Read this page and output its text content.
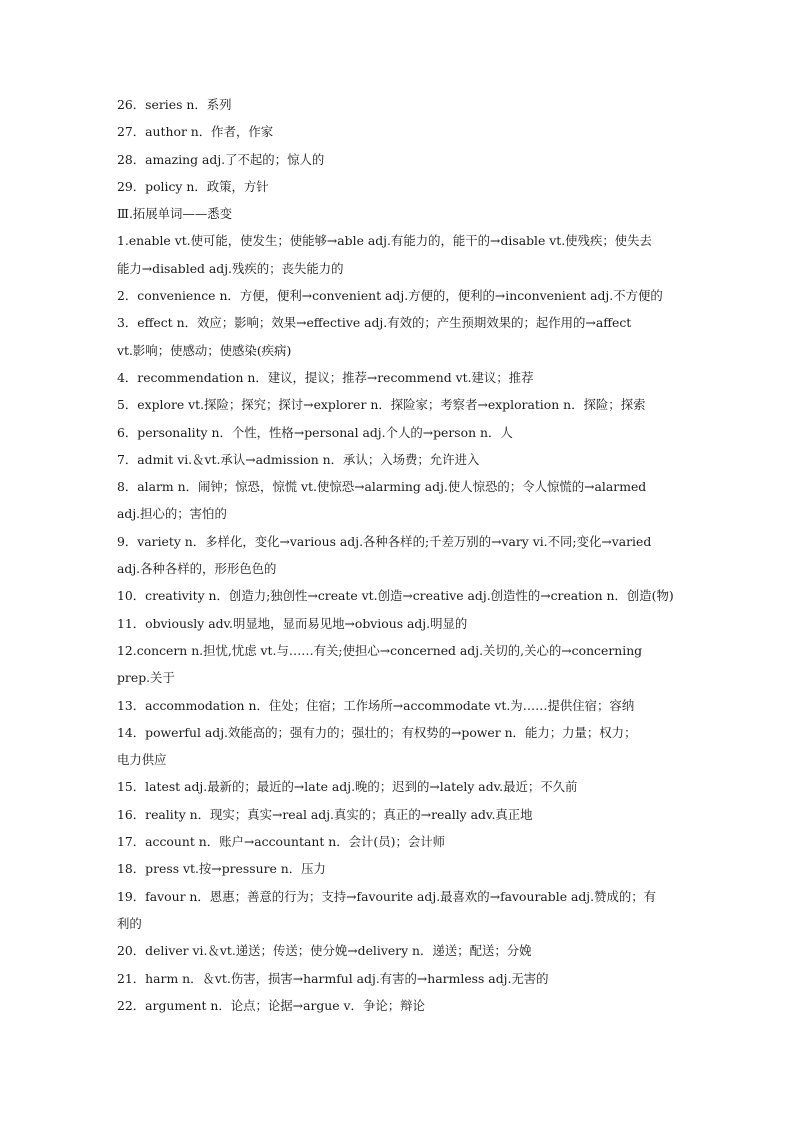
26．series n．系列
27．author n．作者，作家
28．amazing adj.了不起的；惊人的
29．policy n．政策，方针
Ⅲ.拓展单词——悉变
1.enable vt.使可能，使发生；使能够→able adj.有能力的，能干的→disable vt.使残疾；使失去
能力→disabled adj.残疾的；丧失能力的
2．convenience n．方便，便利→convenient adj.方便的，便利的→inconvenient adj.不方便的
3．effect n．效应；影响；效果→effective adj.有效的；产生预期效果的；起作用的→affect
vt.影响；使感动；使感染(疾病)
4．recommendation n．建议，提议；推荐→recommend vt.建议；推荐
5．explore vt.探险；探究；探讨→explorer n．探险家；考察者→exploration n．探险；探索
6．personality n．个性，性格→personal adj.个人的→person n．人
7．admit vi.＆vt.承认→admission n．承认；入场费；允许进入
8．alarm n．闹钟；惊恐，惊慌 vt.使惊恐→alarming adj.使人惊恐的；令人惊慌的→alarmed
adj.担心的；害怕的
9．variety n．多样化，变化→various adj.各种各样的;千差万别的→vary vi.不同;变化→varied
adj.各种各样的，形形色色的
10．creativity n．创造力;独创性→create vt.创造→creative adj.创造性的→creation n．创造(物)
11．obviously adv.明显地，显而易见地→obvious adj.明显的
12.concern n.担忧,忧虑 vt.与……有关;使担心→concerned adj.关切的,关心的→concerning
prep.关于
13．accommodation n．住处；住宿；工作场所→accommodate vt.为……提供住宿；容纳
14．powerful adj.效能高的；强有力的；强壮的；有权势的→power n．能力；力量；权力；
电力供应
15．latest adj.最新的；最近的→late adj.晚的；迟到的→lately adv.最近；不久前
16．reality n．现实；真实→real adj.真实的；真正的→really adv.真正地
17．account n．账户→accountant n．会计(员)；会计师
18．press vt.按→pressure n．压力
19．favour n．恩惠；善意的行为；支持→favourite adj.最喜欢的→favourable adj.赞成的；有
利的
20．deliver vi.＆vt.递送；传送；使分娩→delivery n．递送；配送；分娩
21．harm n．＆vt.伤害，损害→harmful adj.有害的→harmless adj.无害的
22．argument n．论点；论据→argue v．争论；辩论
